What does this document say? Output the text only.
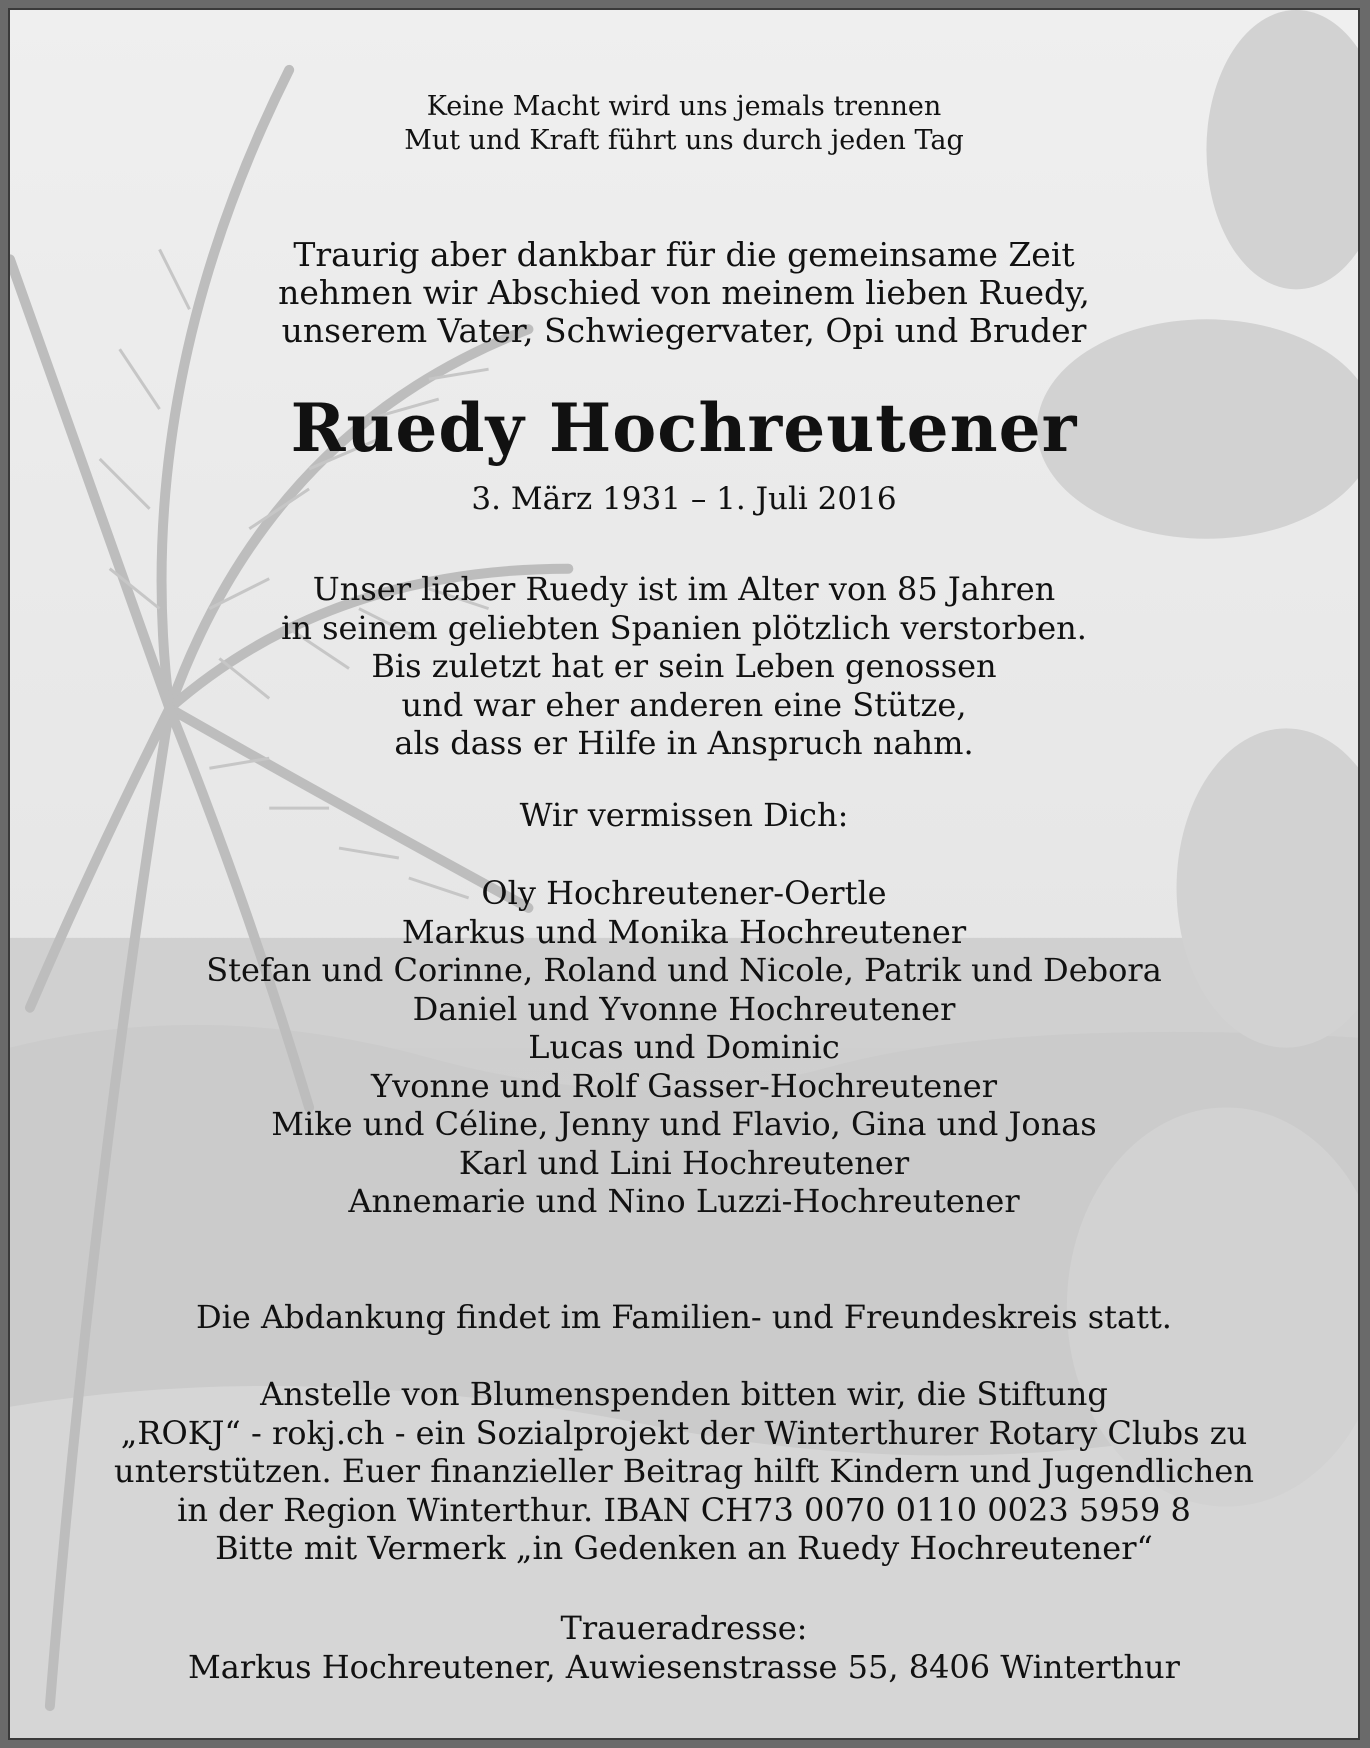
Keine Macht wird uns jemals trennen

Mut und Kraft führt uns durch jeden Tag

Traurig aber dankbar für die gemeinsame Zeit

nehmen wir Abschied von meinem lieben Ruedy,

unserem Vater, Schwiegervater, Opi und Bruder

Ruedy Hochreutener
3. März 1931 – 1. Juli 2016

Unser lieber Ruedy ist im Alter von 85 Jahren

in seinem geliebten Spanien plötzlich verstorben.

Bis zuletzt hat er sein Leben genossen

und war eher anderen eine Stütze,

als dass er Hilfe in Anspruch nahm.

Wir vermissen Dich:

Oly Hochreutener-Oertle

Markus und Monika Hochreutener

Stefan und Corinne, Roland und Nicole, Patrik und Debora

Daniel und Yvonne Hochreutener

Lucas und Dominic

Yvonne und Rolf Gasser-Hochreutener

Mike und Céline, Jenny und Flavio, Gina und Jonas

Karl und Lini Hochreutener

Annemarie und Nino Luzzi-Hochreutener

Die Abdankung findet im Familien- und Freundeskreis statt.

Anstelle von Blumenspenden bitten wir, die Stiftung

„ROKJ“ - rokj.ch - ein Sozialprojekt der Winterthurer Rotary Clubs zu

unterstützen. Euer finanzieller Beitrag hilft Kindern und Jugendlichen

in der Region Winterthur. IBAN CH73 0070 0110 0023 5959 8

Bitte mit Vermerk „in Gedenken an Ruedy Hochreutener“

Traueradresse:

Markus Hochreutener, Auwiesenstrasse 55, 8406 Winterthur
